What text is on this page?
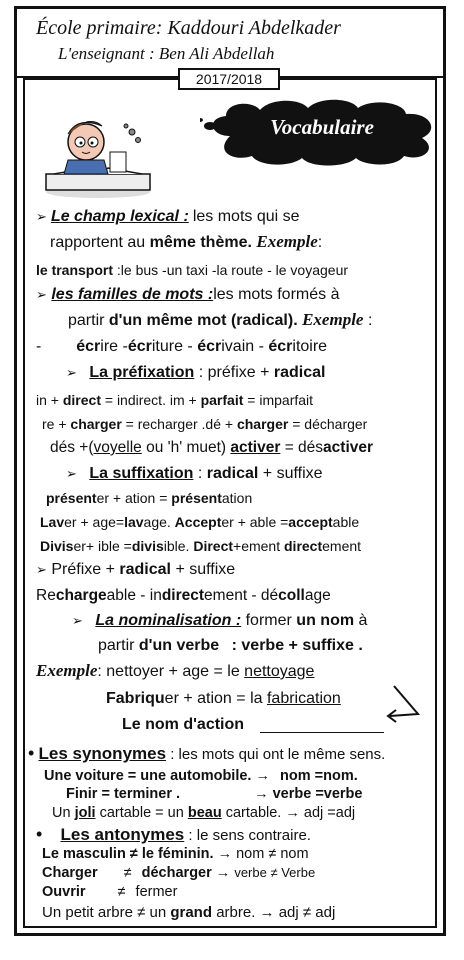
École primaire: Kaddouri Abdelkader
L'enseignant : Ben Ali Abdellah
2017/2018
Vocabulaire
➢ Le champ lexical : les mots qui se
rapportent au même thème. Exemple:
le transport :le bus -un taxi -la route - le voyageur
➢ les familles de mots :les mots formés à
partir d'un même mot (radical). Exemple :
- écrire -écriture - écrivain - écritoire
➢ La préfixation : préfixe + radical
in + direct = indirect. im + parfait = imparfait
re + charger = recharger .dé + charger = décharger
dés +(voyelle ou 'h' muet) activer = désactiver
➢ La suffixation : radical + suffixe
présenter + ation = présentation
Laver + age=lavage. Accepter + able =acceptable
Diviser+ ible =divisible. Direct+ement directement
➢ Préfixe + radical + suffixe
Rechargeable - indirectement - décollage
➢ La nominalisation : former un nom à
partir d'un verbe : verbe + suffixe .
Exemple: nettoyer + age = le nettoyage
Fabriquer + ation = la fabrication
Le nom d'action
• Les synonymes : les mots qui ont le même sens.
Une voiture = une automobile. → nom =nom.
Finir = terminer .	→ verbe =verbe
Un joli cartable = un beau cartable. → adj =adj
• Les antonymes : le sens contraire.
Le masculin ≠ le féminin. → nom ≠ nom
Charger ≠ décharger → verbe ≠ Verbe
Ouvrir ≠ fermer
Un petit arbre ≠ un grand arbre. → adj ≠ adj
